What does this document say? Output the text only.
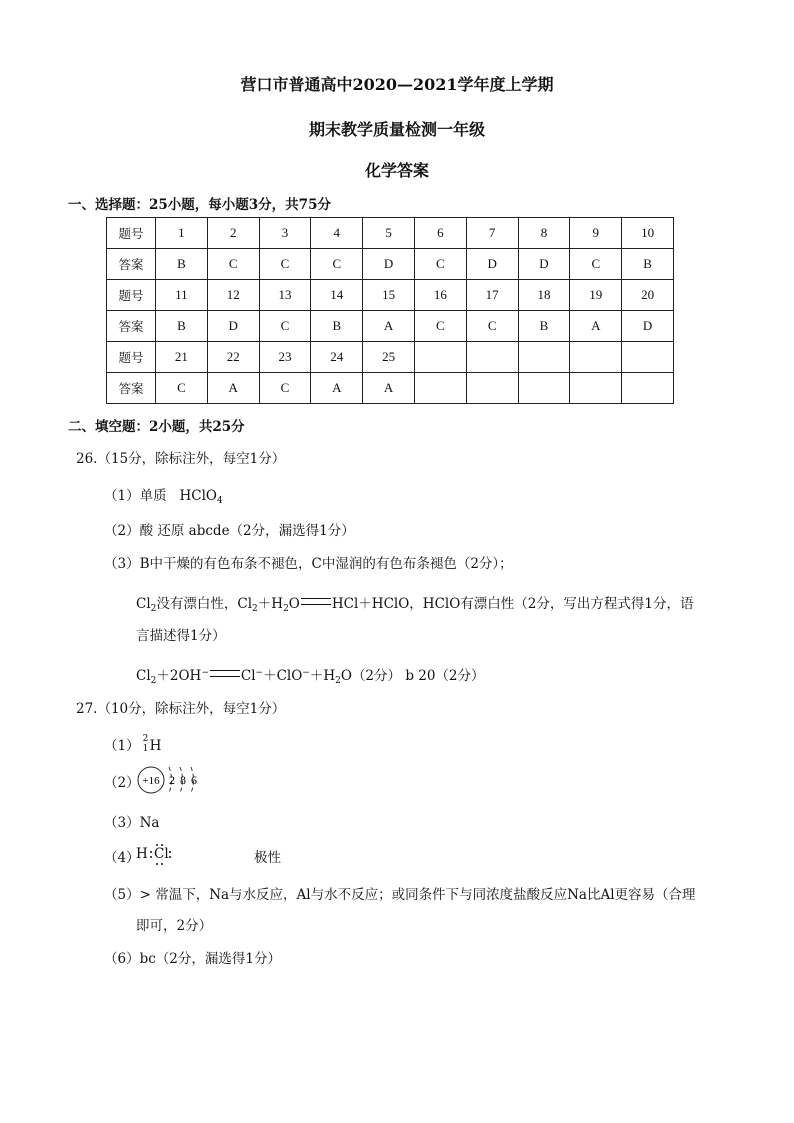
营口市普通高中2020—2021学年度上学期
期末教学质量检测一年级
化学答案
一、选择题：25小题，每小题3分，共75分
题号	1	2	3	4	5	6	7	8	9	10
答案	B	C	C	C	D	C	D	D	C	B
题号	11	12	13	14	15	16	17	18	19	20
答案	B	D	C	B	A	C	C	B	A	D
题号	21	22	23	24	25					
答案	C	A	C	A	A					
二、填空题：2小题，共25分
26.（15分，除标注外，每空1分）
（1）单质 HClO$_4$
（2）酸 还原 abcde（2分，漏选得1分）
（3）B中干燥的有色布条不褪色，C中湿润的有色布条褪色（2分）；
$Cl_2$没有漂白性，$Cl_2+H_2O$ HCl＋HClO，HClO有漂白性（2分，写出方程式得1分，语
言描述得1分）
$Cl_2+2OH^-$ $Cl^-+ClO^-+H_2O(2$分） b 20（2分）
27.（10分，除标注外，每空1分）
（1） 2
1 H
（2） +16 2 8 6
（3）Na
（4）
H Cl	极性
（5）> 常温下，Na与水反应，Al与水不反应；或同条件下与同浓度盐酸反应Na比Al更容易（合理
即可，2分）
（6）bc（2分，漏选得1分）
